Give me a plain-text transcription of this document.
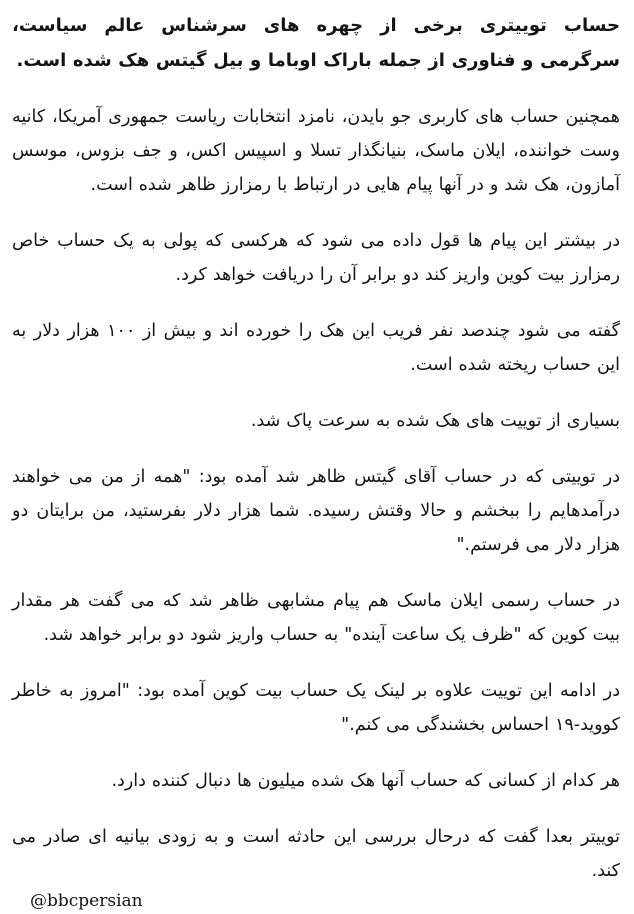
حساب توییتری برخی از چهره های سرشناس عالم سیاست، سرگرمی و فناوری از جمله باراک اوباما و بیل گیتس هک شده است.

همچنین حساب های کاربری جو بایدن، نامزد انتخابات ریاست جمهوری آمریکا، کانیه وست خواننده، ایلان ماسک، بنیانگذار تسلا و اسپیس اکس، و جف بزوس، موسس آمازون، هک شد و در آنها پیام هایی در ارتباط با رمزارز ظاهر شده است.

در بیشتر این پیام ها قول داده می شود که هرکسی که پولی به یک حساب خاص رمزارز بیت کوین واریز کند دو برابر آن را دریافت خواهد کرد.

گفته می شود چندصد نفر فریب این هک را خورده اند و بیش از ۱۰۰ هزار دلار به این حساب ریخته شده است.

بسیاری از توییت های هک شده به سرعت پاک شد.

در توییتی که در حساب آقای گیتس ظاهر شد آمده بود: "همه از من می خواهند درآمدهایم را ببخشم و حالا وقتش رسیده. شما هزار دلار بفرستید، من برایتان دو هزار دلار می فرستم."

در حساب رسمی ایلان ماسک هم پیام مشابهی ظاهر شد که می گفت هر مقدار بیت کوین که "ظرف یک ساعت آینده" به حساب واریز شود دو برابر خواهد شد.

در ادامه این توییت علاوه بر لینک یک حساب بیت کوین آمده بود: "امروز به خاطر کووید-۱۹ احساس بخشندگی می کنم."

هر کدام از کسانی که حساب آنها هک شده میلیون ها دنبال کننده دارد.

توییتر بعدا گفت که درحال بررسی این حادثه است و به زودی بیانیه ای صادر می کند.

@bbcpersian
